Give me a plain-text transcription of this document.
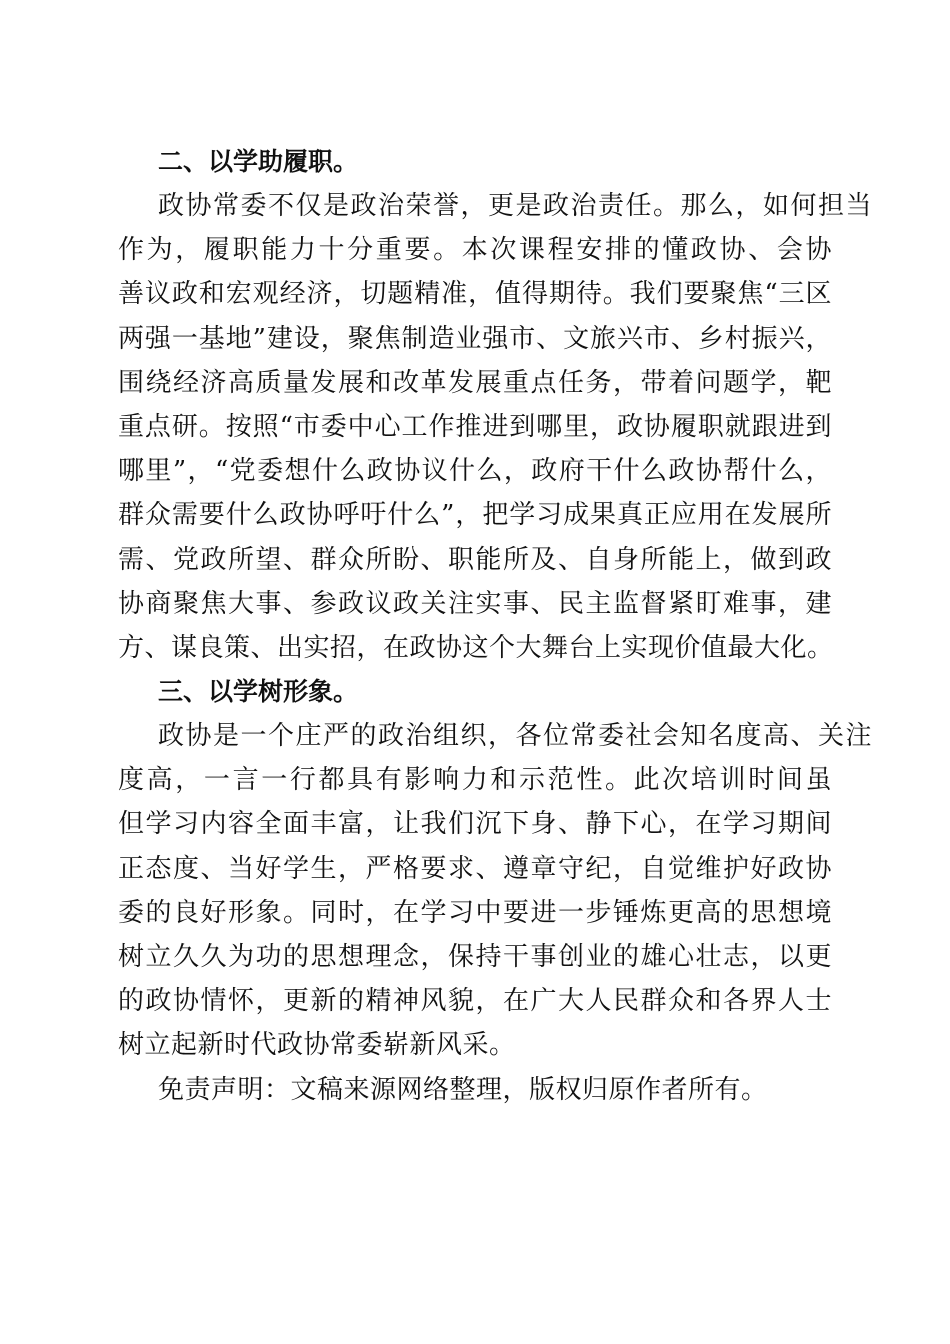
二、以学助履职。
政协常委不仅是政治荣誉，更是政治责任。那么，如何担当
作为，履职能力十分重要。本次课程安排的懂政协、会协
善议政和宏观经济，切题精准，值得期待。我们要聚焦“三区
两强一基地”建设，聚焦制造业强市、文旅兴市、乡村振兴，
围绕经济高质量发展和改革发展重点任务，带着问题学，靶
重点研。按照“市委中心工作推进到哪里，政协履职就跟进到
哪里”，“党委想什么政协议什么，政府干什么政协帮什么，
群众需要什么政协呼吁什么”，把学习成果真正应用在发展所
需、党政所望、群众所盼、职能所及、自身所能上，做到政
协商聚焦大事、参政议政关注实事、民主监督紧盯难事，建
方、谋良策、出实招，在政协这个大舞台上实现价值最大化。
三、以学树形象。
政协是一个庄严的政治组织，各位常委社会知名度高、关注
度高，一言一行都具有影响力和示范性。此次培训时间虽
但学习内容全面丰富，让我们沉下身、静下心，在学习期间
正态度、当好学生，严格要求、遵章守纪，自觉维护好政协
委的良好形象。同时，在学习中要进一步锤炼更高的思想境
树立久久为功的思想理念，保持干事创业的雄心壮志，以更
的政协情怀，更新的精神风貌，在广大人民群众和各界人士
树立起新时代政协常委崭新风采。
免责声明：文稿来源网络整理，版权归原作者所有。
